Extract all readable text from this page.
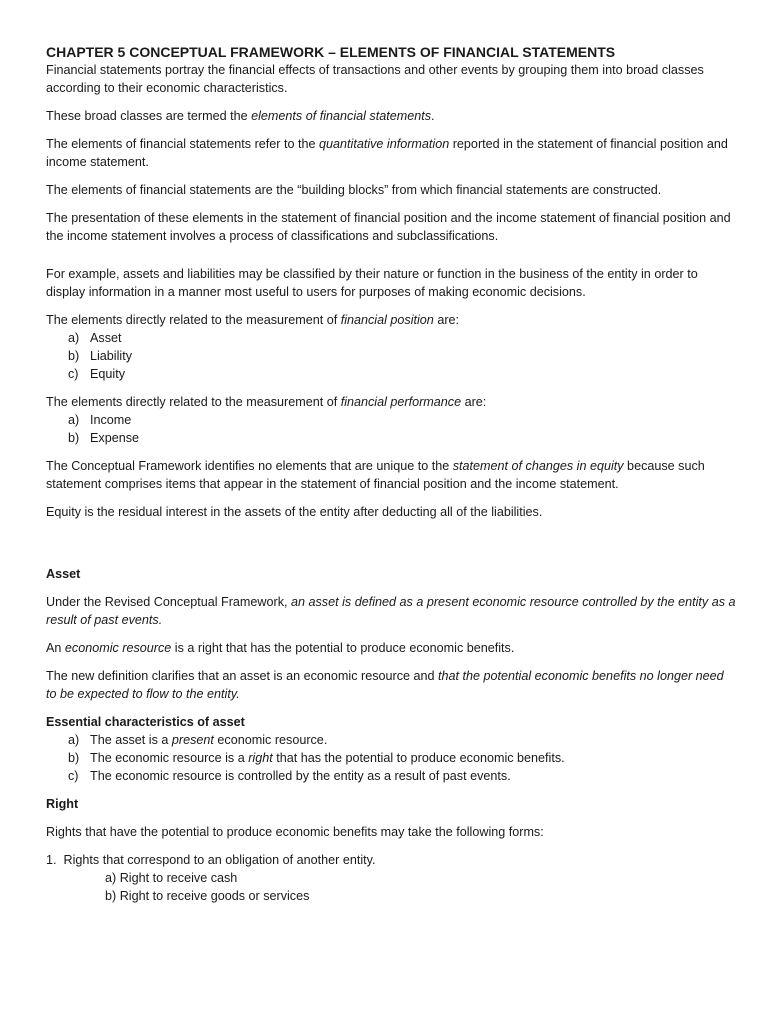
CHAPTER 5 CONCEPTUAL FRAMEWORK – ELEMENTS OF FINANCIAL STATEMENTS

Financial statements portray the financial effects of transactions and other events by grouping them into broad classes according to their economic characteristics.

These broad classes are termed the elements of financial statements.

The elements of financial statements refer to the quantitative information reported in the statement of financial position and income statement.

The elements of financial statements are the “building blocks” from which financial statements are constructed.

The presentation of these elements in the statement of financial position and the income statement of financial position and the income statement involves a process of classifications and subclassifications.

For example, assets and liabilities may be classified by their nature or function in the business of the entity in order to display information in a manner most useful to users for purposes of making economic decisions.

The elements directly related to the measurement of financial position are:

a) Asset
b) Liability
c) Equity

The elements directly related to the measurement of financial performance are:

a) Income
b) Expense

The Conceptual Framework identifies no elements that are unique to the statement of changes in equity because such statement comprises items that appear in the statement of financial position and the income statement.

Equity is the residual interest in the assets of the entity after deducting all of the liabilities.

Asset

Under the Revised Conceptual Framework, an asset is defined as a present economic resource controlled by the entity as a result of past events.

An economic resource is a right that has the potential to produce economic benefits.

The new definition clarifies that an asset is an economic resource and that the potential economic benefits no longer need to be expected to flow to the entity.

Essential characteristics of asset

a) The asset is a present economic resource.
b) The economic resource is a right that has the potential to produce economic benefits.
c) The economic resource is controlled by the entity as a result of past events.

Right

Rights that have the potential to produce economic benefits may take the following forms:

1.  Rights that correspond to an obligation of another entity.

a) Right to receive cash

b) Right to receive goods or services
